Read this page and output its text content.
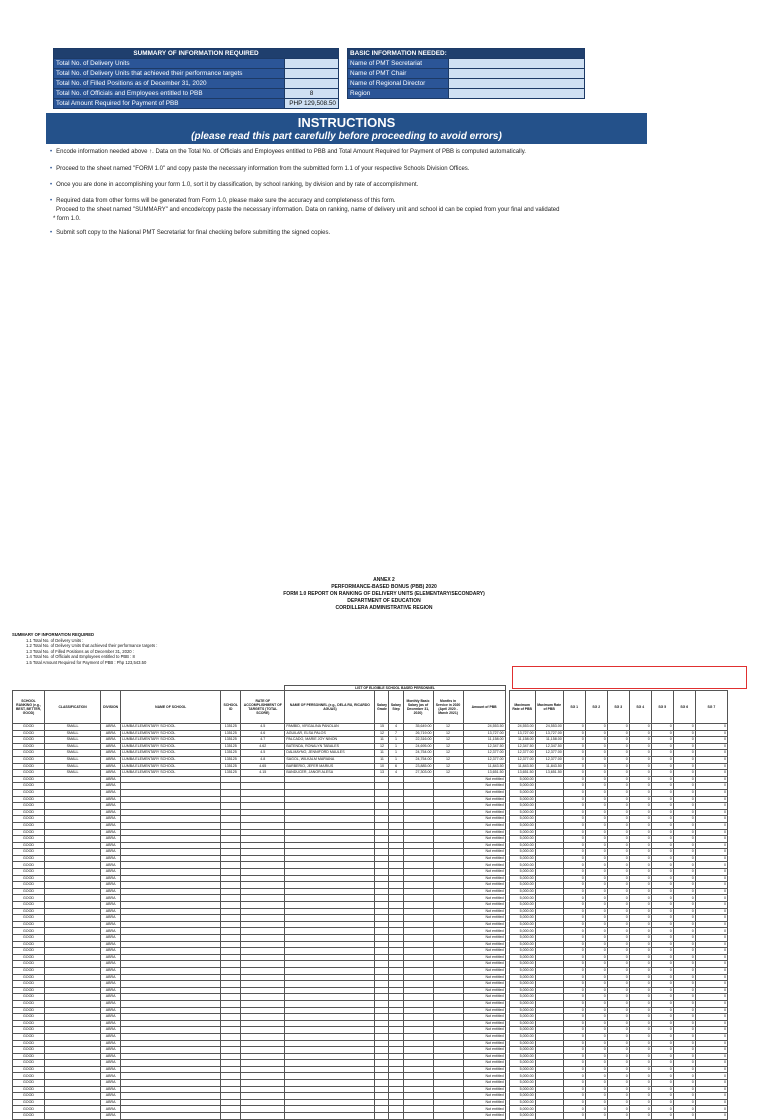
SUMMARY OF INFORMATION REQUIRED	
Total No. of Delivery Units	
Total No. of Delivery Units that achieved their performance targets	
Total No. of Filled Positions as of December 31, 2020	
Total No. of Officials and Employees entitled to PBB	8
Total Amount Required for Payment of PBB	PHP 129,508.50
BASIC INFORMATION NEEDED:	
Name of PMT Secretariat	
Name of PMT Chair	
Name of Regional Director	
Region	
INSTRUCTIONS
(please read this part carefully before proceeding to avoid errors)
• Encode information needed above ↑. Data on the Total No. of Officials and Employees entitled to PBB and Total Amount Required for Payment of PBB is computed automatically.
• Proceed to the sheet named "FORM 1.0" and copy paste the necessary information from the submitted form 1.1 of your respective Schools Division Offices.
• Once you are done in accomplishing your form 1.0, sort it by classification, by school ranking, by division and by rate of accomplishment.
• Required data from other forms will be generated from Form 1.0, please make sure the accuracy and completeness of this form.
Proceed to the sheet named "SUMMARY" and encode/copy paste the necessary information. Data on ranking, name of delivery unit and school id can be copied from your final and validated
* form 1.0.
• Submit soft copy to the National PMT Secretariat for final checking before submitting the signed copies.
ANNEX 2
PERFORMANCE-BASED BONUS (PBB) 2020
FORM 1.0 REPORT ON RANKING OF DELIVERY UNITS (ELEMENTARY/SECONDARY)
DEPARTMENT OF EDUCATION
CORDILLERA ADMINISTRATIVE REGION
SUMMARY OF INFORMATION REQUIRED
1.1 Total No. of Delivery Units :
1.2 Total No. of Delivery Units that achieved their performance targets :
1.3 Total No. of Filled Positions as of December 31, 2020 :
1.4 Total No. of Officials and Employees entitled to PBB : 8
1.5 Total Amount Required for Payment of PBB : Php 123,543.50
						LIST OF ELIGIBLE SCHOOL BASED PERSONNEL															
SCHOOL RANKING (e.g., BEST, BETTER, GOOD)	CLASSIFICATION	DIVISION	NAME OF SCHOOL	SCHOOL ID	RATE OF ACCOMPLISHMENT OF TARGETS (TOTAL SCORE)	NAME OF PERSONNEL (e.g., DELA RU, RICARDO AGUAS)	Salary Grade	Salary Step	Monthly Basic Salary (as of December 31, 2020)	Months in Service in 2020 (April 2020 - March 2021)	Amount of PBB		Maximum Rate of PBB	Maximum Rate of PBB	SG 1	SG 2	SG 3	SG 4	SG 5	SG 6	SG 7
GOOD	SMALL	ABRA	LUMBA ELEMENTARY SCHOOL	135125	4.5	PAMBID, VIRGALINA PANOLAN	15	4	35,649.00	12	24,553.50		24,553.00	24,553.00	0	0	0	0	0	0	0
GOOD	SMALL	ABRA	LUMBA ELEMENTARY SCHOOL	135125	4.6	AGUILAR, ELSA PALOS	12	7	26,719.00	12	13,727.00		13,727.00	13,727.00	0	0	0	0	0	0	0
GOOD	SMALL	ABRA	LUMBA ELEMENTARY SCHOOL	135125	4.7	PALCADO, MARIE JOY NINON	11	1	22,316.00	12	11,158.00		11,158.00	11,158.00	0	0	0	0	0	0	0
GOOD	SMALL	ABRA	LUMBA ELEMENTARY SCHOOL	135125	4.62	BATENDA, RONALYN TABALES	12	1	24,695.00	12	12,347.50		12,347.50	12,347.50	0	0	0	0	0	0	0
GOOD	SMALL	ABRA	LUMBA ELEMENTARY SCHOOL	135125	4.5	DALMAYNO, JENNIFORD MAULES	11	1	24,754.00	12	12,377.00		12,377.00	12,377.00	0	0	0	0	0	0	0
GOOD	SMALL	ABRA	LUMBA ELEMENTARY SCHOOL	135125	4.8	SAGOL, WILKALM MARIANA	11	1	24,754.00	12	12,377.00		12,377.00	12,377.00	0	0	0	0	0	0	0
GOOD	SMALL	ABRA	LUMBA ELEMENTARY SCHOOL	135125	4.65	BARBERIO, JEFER MARIUS	10	6	23,885.00	12	11,843.50		11,843.50	11,843.50	0	0	0	0	0	0	0
GOOD	SMALL	ABRA	LUMBA ELEMENTARY SCHOOL	135125	4.15	BANDUCER, JANOR ALESA	13	4	27,303.00	12	13,651.50		13,651.50	13,651.50	0	0	0	0	0	0	0
GOOD		ABRA									Not entitled		5,000.00		0	0	0	0	0	0	0
GOOD		ABRA									Not entitled		5,000.00		0	0	0	0	0	0	0
GOOD		ABRA									Not entitled		5,000.00		0	0	0	0	0	0	0
GOOD		ABRA									Not entitled		5,000.00		0	0	0	0	0	0	0
GOOD		ABRA									Not entitled		5,000.00		0	0	0	0	0	0	0
GOOD		ABRA									Not entitled		5,000.00		0	0	0	0	0	0	0
GOOD		ABRA									Not entitled		5,000.00		0	0	0	0	0	0	0
GOOD		ABRA									Not entitled		5,000.00		0	0	0	0	0	0	0
GOOD		ABRA									Not entitled		5,000.00		0	0	0	0	0	0	0
GOOD		ABRA									Not entitled		5,000.00		0	0	0	0	0	0	0
GOOD		ABRA									Not entitled		5,000.00		0	0	0	0	0	0	0
GOOD		ABRA									Not entitled		5,000.00		0	0	0	0	0	0	0
GOOD		ABRA									Not entitled		5,000.00		0	0	0	0	0	0	0
GOOD		ABRA									Not entitled		5,000.00		0	0	0	0	0	0	0
GOOD		ABRA									Not entitled		5,000.00		0	0	0	0	0	0	0
GOOD		ABRA									Not entitled		5,000.00		0	0	0	0	0	0	0
GOOD		ABRA									Not entitled		5,000.00		0	0	0	0	0	0	0
GOOD		ABRA									Not entitled		5,000.00		0	0	0	0	0	0	0
GOOD		ABRA									Not entitled		5,000.00		0	0	0	0	0	0	0
GOOD		ABRA									Not entitled		5,000.00		0	0	0	0	0	0	0
GOOD		ABRA									Not entitled		5,000.00		0	0	0	0	0	0	0
GOOD		ABRA									Not entitled		5,000.00		0	0	0	0	0	0	0
GOOD		ABRA									Not entitled		5,000.00		0	0	0	0	0	0	0
GOOD		ABRA									Not entitled		5,000.00		0	0	0	0	0	0	0
GOOD		ABRA									Not entitled		5,000.00		0	0	0	0	0	0	0
GOOD		ABRA									Not entitled		5,000.00		0	0	0	0	0	0	0
GOOD		ABRA									Not entitled		5,000.00		0	0	0	0	0	0	0
GOOD		ABRA									Not entitled		5,000.00		0	0	0	0	0	0	0
GOOD		ABRA									Not entitled		5,000.00		0	0	0	0	0	0	0
GOOD		ABRA									Not entitled		5,000.00		0	0	0	0	0	0	0
GOOD		ABRA									Not entitled		5,000.00		0	0	0	0	0	0	0
GOOD		ABRA									Not entitled		5,000.00		0	0	0	0	0	0	0
GOOD		ABRA									Not entitled		5,000.00		0	0	0	0	0	0	0
GOOD		ABRA									Not entitled		5,000.00		0	0	0	0	0	0	0
GOOD		ABRA									Not entitled		5,000.00		0	0	0	0	0	0	0
GOOD		ABRA									Not entitled		5,000.00		0	0	0	0	0	0	0
GOOD		ABRA									Not entitled		5,000.00		0	0	0	0	0	0	0
GOOD		ABRA									Not entitled		5,000.00		0	0	0	0	0	0	0
GOOD		ABRA									Not entitled		5,000.00		0	0	0	0	0	0	0
GOOD		ABRA									Not entitled		5,000.00		0	0	0	0	0	0	0
GOOD		ABRA									Not entitled		5,000.00		0	0	0	0	0	0	0
GOOD		ABRA									Not entitled		5,000.00		0	0	0	0	0	0	0
GOOD		ABRA									Not entitled		5,000.00		0	0	0	0	0	0	0
GOOD		ABRA									Not entitled		5,000.00		0	0	0	0	0	0	0
GOOD		ABRA									Not entitled		5,000.00		0	0	0	0	0	0	0
GOOD		ABRA									Not entitled		5,000.00		0	0	0	0	0	0	0
GOOD		ABRA									Not entitled		5,000.00		0	0	0	0	0	0	0
GOOD		ABRA									Not entitled		5,000.00		0	0	0	0	0	0	0
GOOD		ABRA									Not entitled		5,000.00		0	0	0	0	0	0	0
GOOD		ABRA									Not entitled		5,000.00		0	0	0	0	0	0	0
GOOD		ABRA									Not entitled		5,000.00		0	0	0	0	0	0	0
GOOD		ABRA									Not entitled		5,000.00		0	0	0	0	0	0	0
